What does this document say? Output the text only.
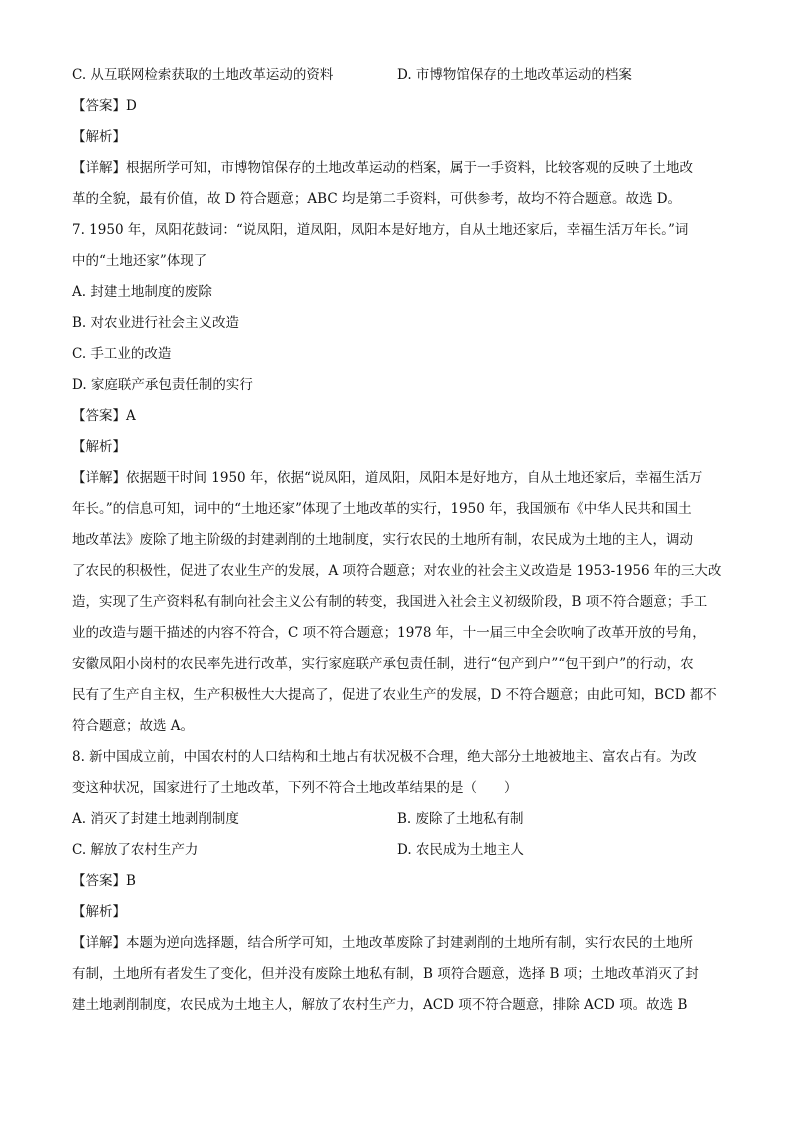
C. 从互联网检索获取的土地改革运动的资料	D. 市博物馆保存的土地改革运动的档案
【答案】D
【解析】
【详解】根据所学可知，市博物馆保存的土地改革运动的档案，属于一手资料，比较客观的反映了土地改
革的全貌，最有价值，故 D 符合题意；ABC 均是第二手资料，可供参考，故均不符合题意。故选 D。
7. 1950 年，凤阳花鼓词：“说凤阳，道凤阳，凤阳本是好地方，自从土地还家后，幸福生活万年长。”词
中的“土地还家”体现了
A. 封建土地制度的废除
B. 对农业进行社会主义改造
C. 手工业的改造
D. 家庭联产承包责任制的实行
【答案】A
【解析】
【详解】依据题干时间 1950 年，依据“说凤阳，道凤阳，凤阳本是好地方，自从土地还家后，幸福生活万
年长。”的信息可知，词中的“土地还家”体现了土地改革的实行，1950 年，我国颁布《中华人民共和国土
地改革法》废除了地主阶级的封建剥削的土地制度，实行农民的土地所有制，农民成为土地的主人，调动
了农民的积极性，促进了农业生产的发展，A 项符合题意；对农业的社会主义改造是 1953-1956 年的三大改
造，实现了生产资料私有制向社会主义公有制的转变，我国进入社会主义初级阶段，B 项不符合题意；手工
业的改造与题干描述的内容不符合，C 项不符合题意；1978 年，十一届三中全会吹响了改革开放的号角，
安徽凤阳小岗村的农民率先进行改革，实行家庭联产承包责任制，进行“包产到户”“包干到户”的行动，农
民有了生产自主权，生产积极性大大提高了，促进了农业生产的发展，D 不符合题意；由此可知，BCD 都不
符合题意；故选 A。
8. 新中国成立前，中国农村的人口结构和土地占有状况极不合理，绝大部分土地被地主、富农占有。为改
变这种状况，国家进行了土地改革，下列不符合土地改革结果的是（　　）
A. 消灭了封建土地剥削制度	B. 废除了土地私有制
C. 解放了农村生产力	D. 农民成为土地主人
【答案】B
【解析】
【详解】本题为逆向选择题，结合所学可知，土地改革废除了封建剥削的土地所有制，实行农民的土地所
有制，土地所有者发生了变化，但并没有废除土地私有制，B 项符合题意，选择 B 项；土地改革消灭了封
建土地剥削制度，农民成为土地主人，解放了农村生产力，ACD 项不符合题意，排除 ACD 项。故选 B
